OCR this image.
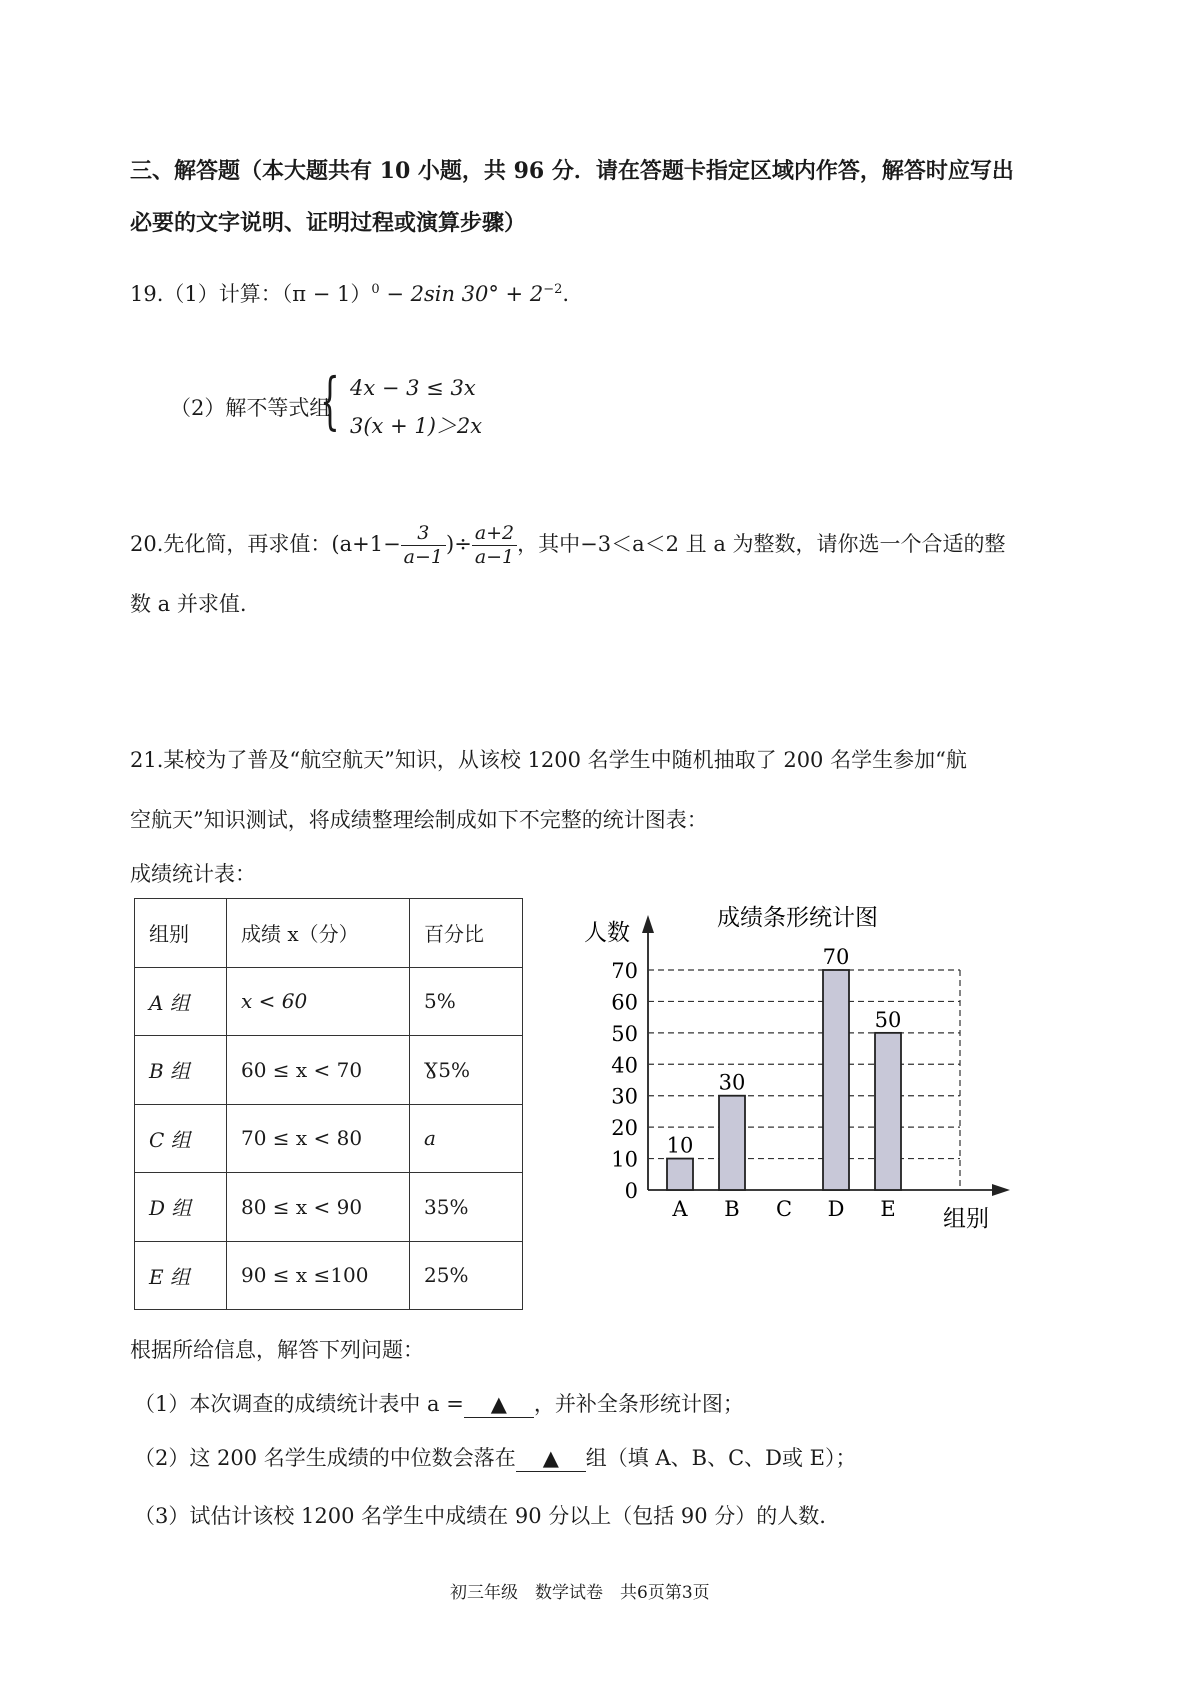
三、解答题（本大题共有 10 小题，共 96 分．请在答题卡指定区域内作答，解答时应写出
必要的文字说明、证明过程或演算步骤）
19.（1）计算：$(\pi - 1)^0 - 2\sin$ $30^\circ + 2^{-2}$.
（2）解不等式组
{ 4x − 3 ≤ 3x
3(x + 1)＞2x
20.先化简，再求值：($a+1- \frac{3}{a-1}$ )÷ $\frac{a+2}{a-1}$ ，其中−3＜a＜2 且 a 为整数，请你选一个合适的整
数 a 并求值.
21.某校为了普及“航空航天”知识，从该校 1200 名学生中随机抽取了 200 名学生参加“航
空航天”知识测试，将成绩整理绘制成如下不完整的统计图表：
成绩统计表：
组别	成绩 x（分）	百分比
A 组	x < 60	5%
B 组	60 ≤ x < 70	Ɣ5%
C 组	70 ≤ x < 80	a
D 组	80 ≤ x < 90	35%
E 组	90 ≤ x ≤100	25%
成绩条形统计图
人数
组别
0
10
20
30
40
50
60
70
10
30
70
50
A B C D E
根据所给信息，解答下列问题：
（1）本次调查的成绩统计表中 a = ▲ ，并补全条形统计图；
（2）这 200 名学生成绩的中位数会落在 ▲ 组（填 A、B、C、D或 E）；
（3）试估计该校 1200 名学生中成绩在 90 分以上（包括 90 分）的人数.
初三年级　数学试卷　共6页第3页
